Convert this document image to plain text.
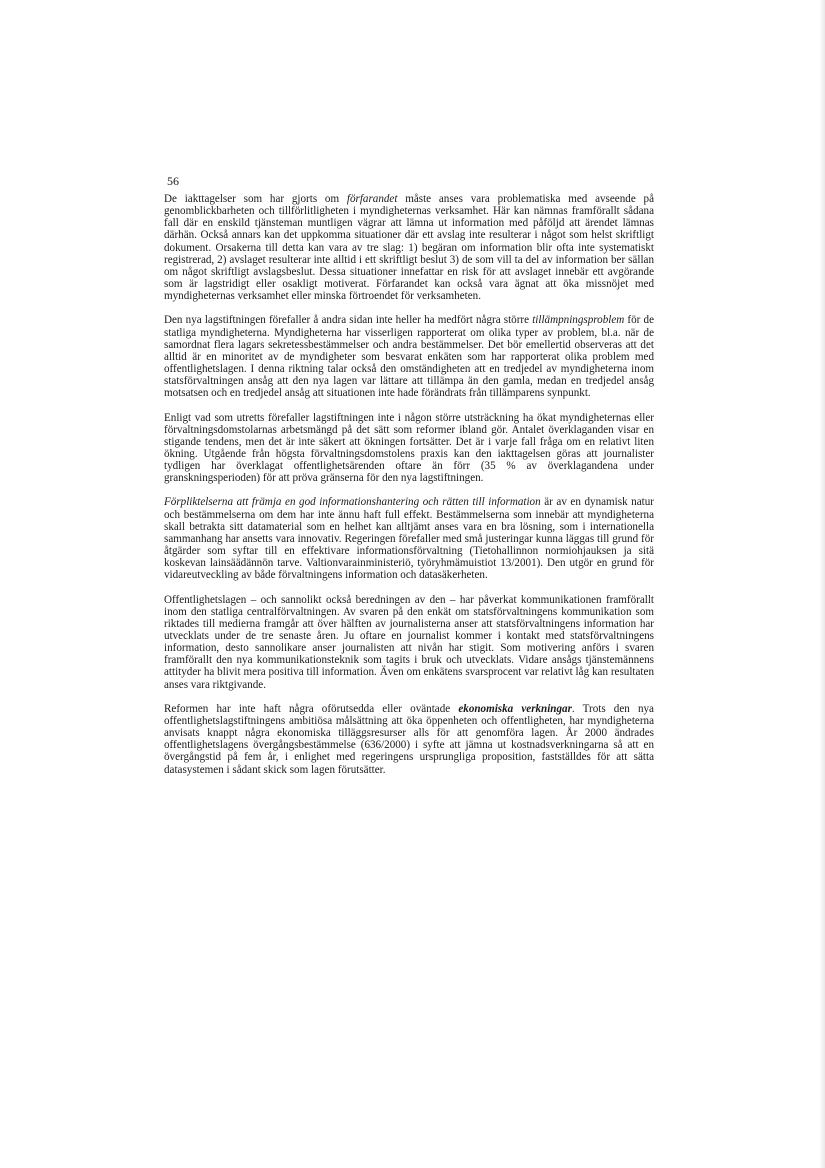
56

De iakttagelser som har gjorts om förfarandet måste anses vara problematiska med avseende på genomblickbarheten och tillförlitligheten i myndigheternas verksamhet. Här kan nämnas framförallt sådana fall där en enskild tjänsteman muntligen vägrar att lämna ut information med påföljd att ärendet lämnas därhän. Också annars kan det uppkomma situationer där ett avslag inte resulterar i något som helst skriftligt dokument. Orsakerna till detta kan vara av tre slag: 1) begäran om information blir ofta inte systematiskt registrerad, 2) avslaget resulterar inte alltid i ett skriftligt beslut 3) de som vill ta del av information ber sällan om något skriftligt avslagsbeslut. Dessa situationer innefattar en risk för att avslaget innebär ett avgörande som är lagstridigt eller osakligt motiverat. Förfarandet kan också vara ägnat att öka missnöjet med myndigheternas verksamhet eller minska förtroendet för verksamheten.

Den nya lagstiftningen förefaller å andra sidan inte heller ha medfört några större tillämpningsproblem för de statliga myndigheterna. Myndigheterna har visserligen rapporterat om olika typer av problem, bl.a. när de samordnat flera lagars sekretessbestämmelser och andra bestämmelser. Det bör emellertid observeras att det alltid är en minoritet av de myndigheter som besvarat enkäten som har rapporterat olika problem med offentlighetslagen. I denna riktning talar också den omständigheten att en tredjedel av myndigheterna inom statsförvaltningen ansåg att den nya lagen var lättare att tillämpa än den gamla, medan en tredjedel ansåg motsatsen och en tredjedel ansåg att situationen inte hade förändrats från tillämparens synpunkt.

Enligt vad som utretts förefaller lagstiftningen inte i någon större utsträckning ha ökat myndigheternas eller förvaltningsdomstolarnas arbetsmängd på det sätt som reformer ibland gör. Antalet överklaganden visar en stigande tendens, men det är inte säkert att ökningen fortsätter. Det är i varje fall fråga om en relativt liten ökning. Utgående från högsta förvaltningsdomstolens praxis kan den iakttagelsen göras att journalister tydligen har överklagat offentlighetsärenden oftare än förr (35 % av överklagandena under granskningsperioden) för att pröva gränserna för den nya lagstiftningen.

Förpliktelserna att främja en god informationshantering och rätten till information är av en dynamisk natur och bestämmelserna om dem har inte ännu haft full effekt. Bestämmelserna som innebär att myndigheterna skall betrakta sitt datamaterial som en helhet kan alltjämt anses vara en bra lösning, som i internationella sammanhang har ansetts vara innovativ. Regeringen förefaller med små justeringar kunna läggas till grund för åtgärder som syftar till en effektivare informationsförvaltning (Tietohallinnon normiohjauksen ja sitä koskevan lainsäädännön tarve. Valtionvarainministeriö, työryhmämuistiot 13/2001). Den utgör en grund för vidareutveckling av både förvaltningens information och datasäkerheten.

Offentlighetslagen – och sannolikt också beredningen av den – har påverkat kommunikationen framförallt inom den statliga centralförvaltningen. Av svaren på den enkät om statsförvaltningens kommunikation som riktades till medierna framgår att över hälften av journalisterna anser att statsförvaltningens information har utvecklats under de tre senaste åren. Ju oftare en journalist kommer i kontakt med statsförvaltningens information, desto sannolikare anser journalisten att nivån har stigit. Som motivering anförs i svaren framförallt den nya kommunikationsteknik som tagits i bruk och utvecklats. Vidare ansågs tjänstemännens attityder ha blivit mera positiva till information. Även om enkätens svarsprocent var relativt låg kan resultaten anses vara riktgivande.

Reformen har inte haft några oförutsedda eller oväntade ekonomiska verkningar. Trots den nya offentlighetslagstiftningens ambitiösa målsättning att öka öppenheten och offentligheten, har myndigheterna anvisats knappt några ekonomiska tilläggsresurser alls för att genomföra lagen. År 2000 ändrades offentlighetslagens övergångsbestämmelse (636/2000) i syfte att jämna ut kostnadsverkningarna så att en övergångstid på fem år, i enlighet med regeringens ursprungliga proposition, fastställdes för att sätta datasystemen i sådant skick som lagen förutsätter.
